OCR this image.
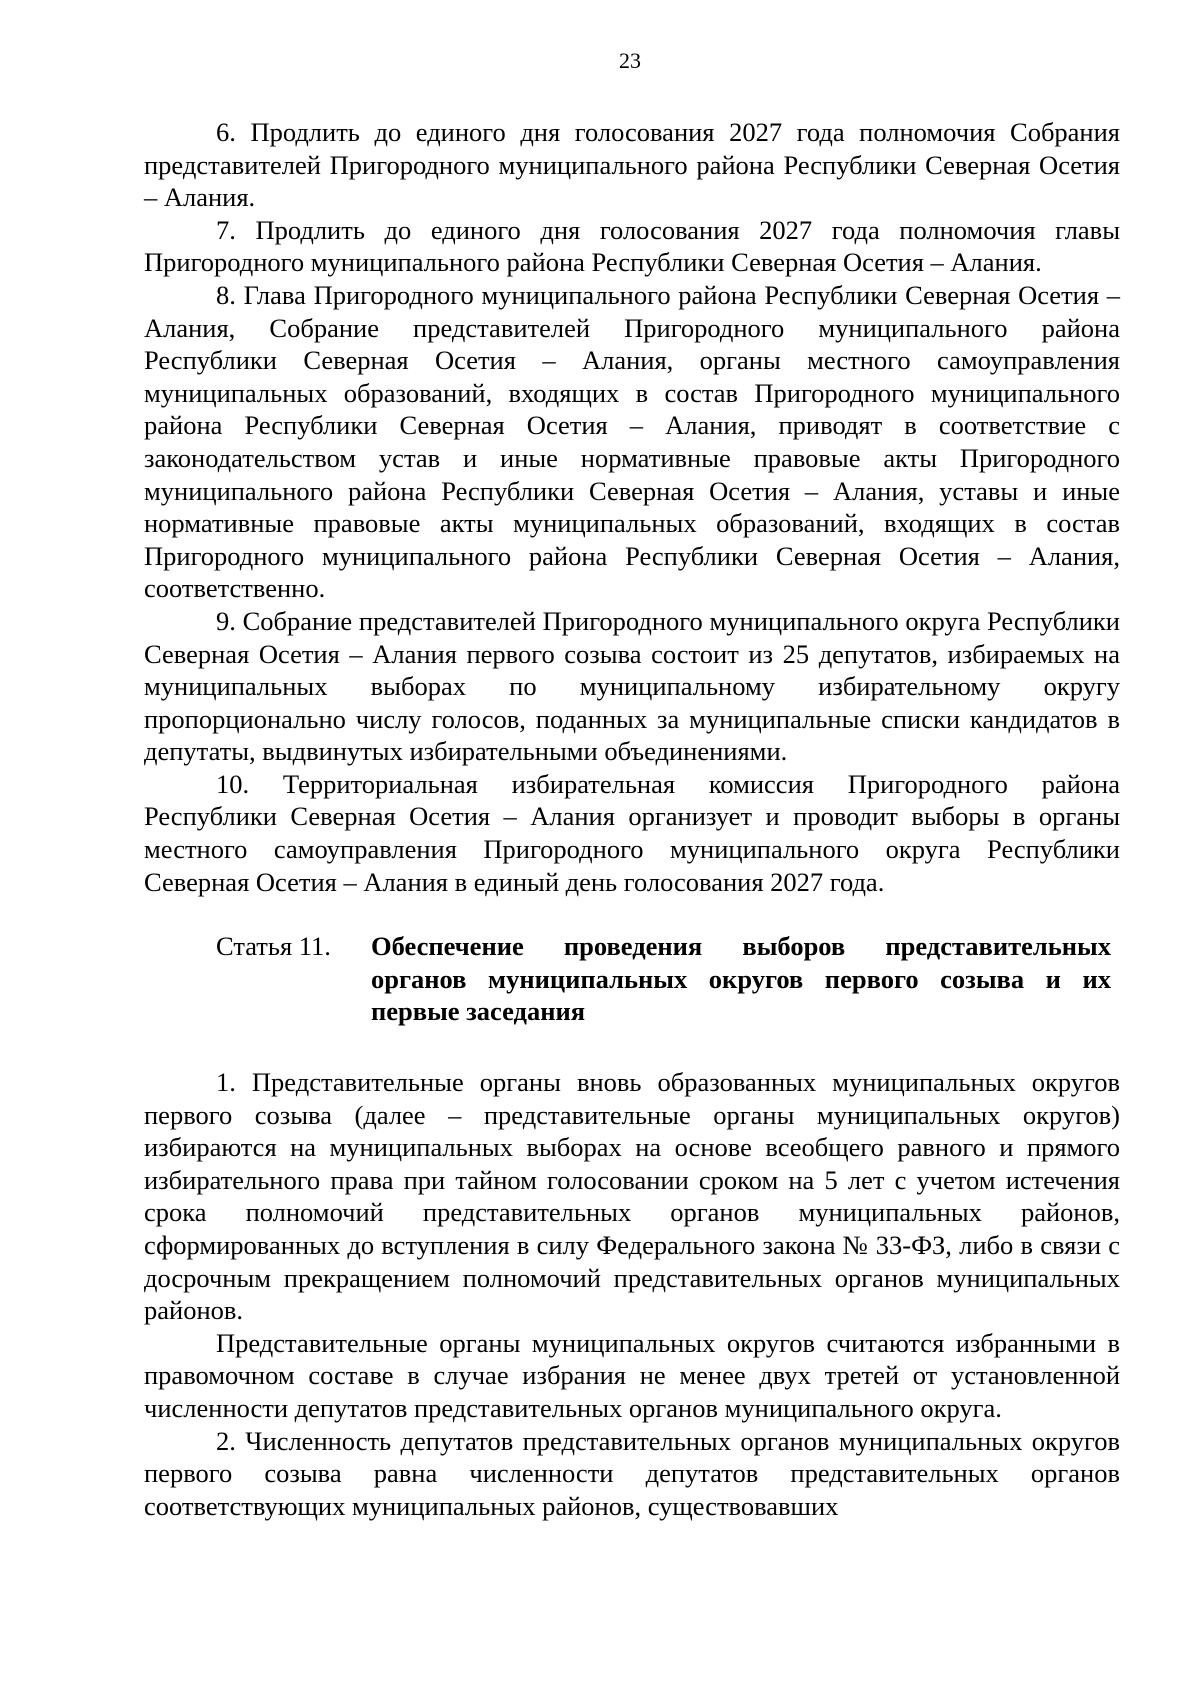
23

6. Продлить до единого дня голосования 2027 года полномочия Собрания представителей Пригородного муниципального района Республики Северная Осетия – Алания.

7. Продлить до единого дня голосования 2027 года полномочия главы Пригородного муниципального района Республики Северная Осетия – Алания.

8. Глава Пригородного муниципального района Республики Северная Осетия – Алания, Собрание представителей Пригородного муниципального района Республики Северная Осетия – Алания, органы местного самоуправления муниципальных образований, входящих в состав Пригородного муниципального района Республики Северная Осетия – Алания, приводят в соответствие с законодательством устав и иные нормативные правовые акты Пригородного муниципального района Республики Северная Осетия – Алания, уставы и иные нормативные правовые акты муниципальных образований, входящих в состав Пригородного муниципального района Республики Северная Осетия – Алания, соответственно.

9. Собрание представителей Пригородного муниципального округа Республики Северная Осетия – Алания первого созыва состоит из 25 депутатов, избираемых на муниципальных выборах по муниципальному избирательному округу пропорционально числу голосов, поданных за муниципальные списки кандидатов в депутаты, выдвинутых избирательными объединениями.

10. Территориальная избирательная комиссия Пригородного района Республики Северная Осетия – Алания организует и проводит выборы в органы местного самоуправления Пригородного муниципального округа Республики Северная Осетия – Алания в единый день голосования 2027 года.

Статья 11. Обеспечение проведения выборов представительных органов муниципальных округов первого созыва и их первые заседания

1. Представительные органы вновь образованных муниципальных округов первого созыва (далее – представительные органы муниципальных округов) избираются на муниципальных выборах на основе всеобщего равного и прямого избирательного права при тайном голосовании сроком на 5 лет с учетом истечения срока полномочий представительных органов муниципальных районов, сформированных до вступления в силу Федерального закона № 33-ФЗ, либо в связи с досрочным прекращением полномочий представительных органов муниципальных районов.

Представительные органы муниципальных округов считаются избранными в правомочном составе в случае избрания не менее двух третей от установленной численности депутатов представительных органов муниципального округа.

2. Численность депутатов представительных органов муниципальных округов первого созыва равна численности депутатов представительных органов соответствующих муниципальных районов, существовавших
